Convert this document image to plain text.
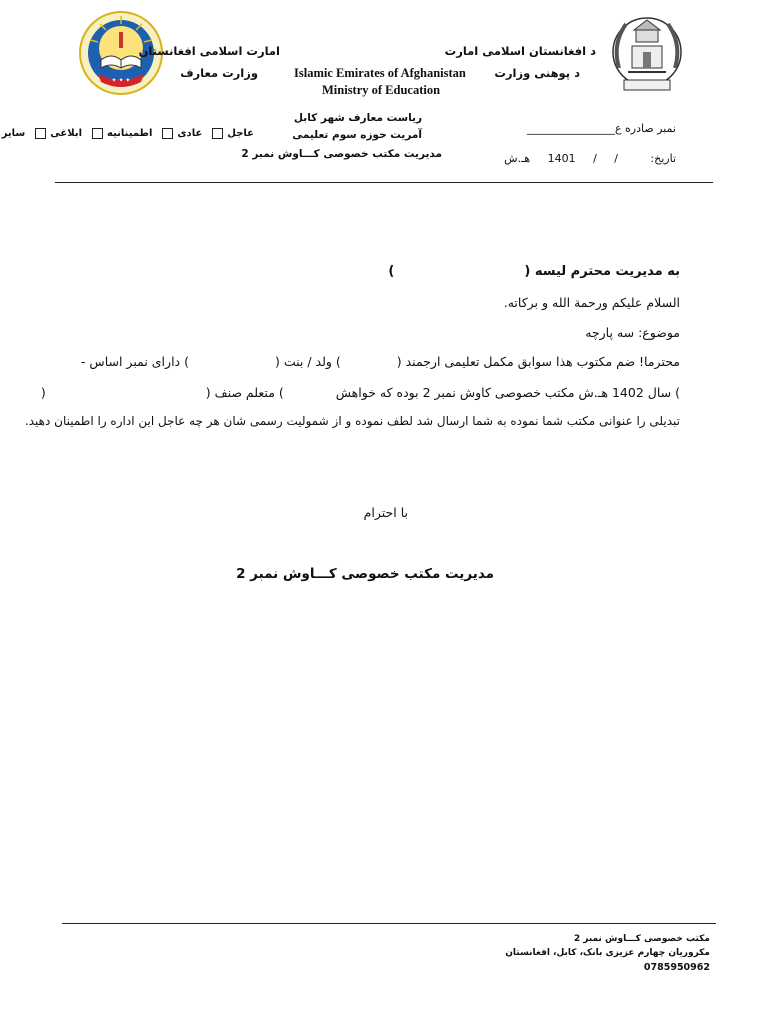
✦ ✦ ✦
امارت اسلامی افغانستان
وزارت معارف
د افغانستان اسلامی امارت
د پوهنی وزارت
Islamic Emirates of Afghanistan
Ministry of Education
ریاست معارف شهر کابل
آمریت حوزه سوم تعلیمی
مدیریت مکتب خصوصی کـــاوش نمبر 2
نمبر صادره ع________________
تاریخ:
/ / 1401 هـ.ش
عاجل
عادی
اطمینانیه
ابلاغی
سایر
به مدیریت محترم لیسه ()
السلام علیکم ورحمة الله و برکاته.
موضوع: سه پارچه
محترما! ضم مکتوب هذا سوابق مکمل تعلیمی ارجمند () ولد / بنت () دارای نمبر اساس -
) سال 1402 هـ.ش مکتب خصوصی کاوش نمبر 2 بوده که خواهش) متعلم صنف ((
تبدیلی را عنوانی مکتب شما نموده به شما ارسال شد لطف نموده و از شمولیت رسمی شان هر چه عاجل این اداره را اطمینان دهید.
با احترام
مدیریت مکتب خصوصی کـــاوش نمبر 2
مکتب خصوصی کـــاوش نمبر 2
مکروریان چهارم عزیزی بانک، کابل، افغانستان
0785950962
